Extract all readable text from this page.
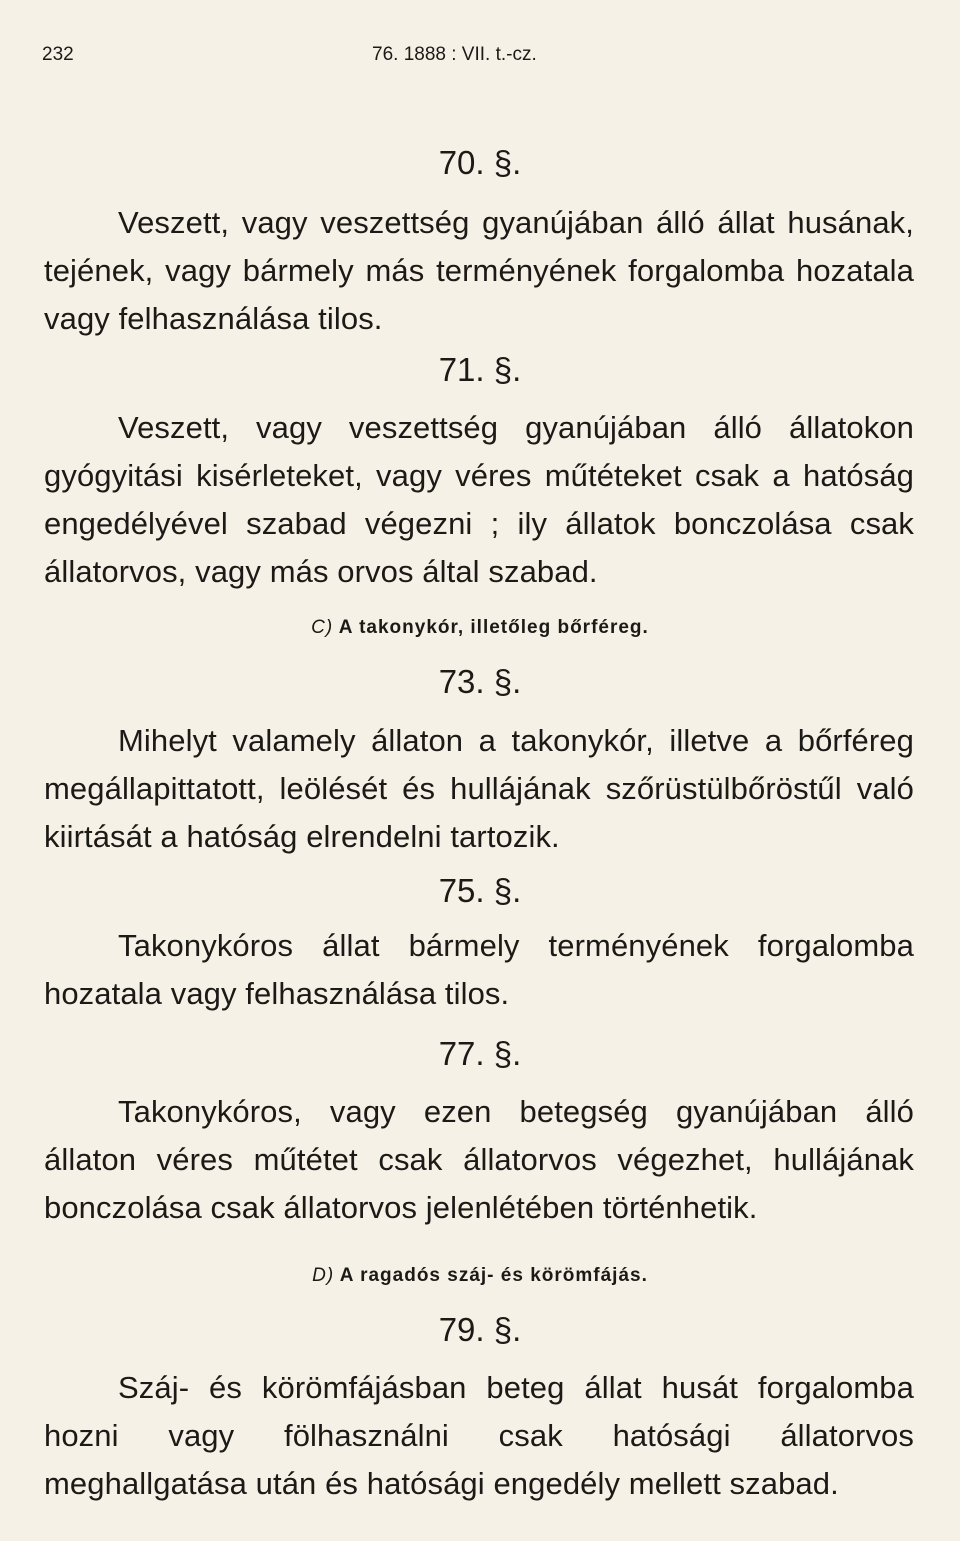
232	76. 1888 : VII. t.-cz.
70. §.
Veszett, vagy veszettség gyanújában álló állat husának, tejének, vagy bármely más terményének forgalomba hozatala vagy felhasználása tilos.
71. §.
Veszett, vagy veszettség gyanújában álló állatokon gyógyitási kisérleteket, vagy véres műtéteket csak a hatóság engedélyével szabad végezni ; ily állatok bonczolása csak állatorvos, vagy más orvos által szabad.
C) A takonykór, illetőleg bőrféreg.
73. §.
Mihelyt valamely állaton a takonykór, illetve a bőrféreg megállapittatott, leölését és hullájának szőrüstülbőröstűl való kiirtását a hatóság elrendelni tartozik.
75. §.
Takonykóros állat bármely terményének forgalomba hozatala vagy felhasználása tilos.
77. §.
Takonykóros, vagy ezen betegség gyanújában álló állaton véres műtétet csak állatorvos végezhet, hullájának bonczolása csak állatorvos jelenlétében történhetik.
D) A ragadós száj- és körömfájás.
79. §.
Száj- és körömfájásban beteg állat husát forgalomba hozni vagy fölhasználni csak hatósági állatorvos meghallgatása után és hatósági engedély mellett szabad.
